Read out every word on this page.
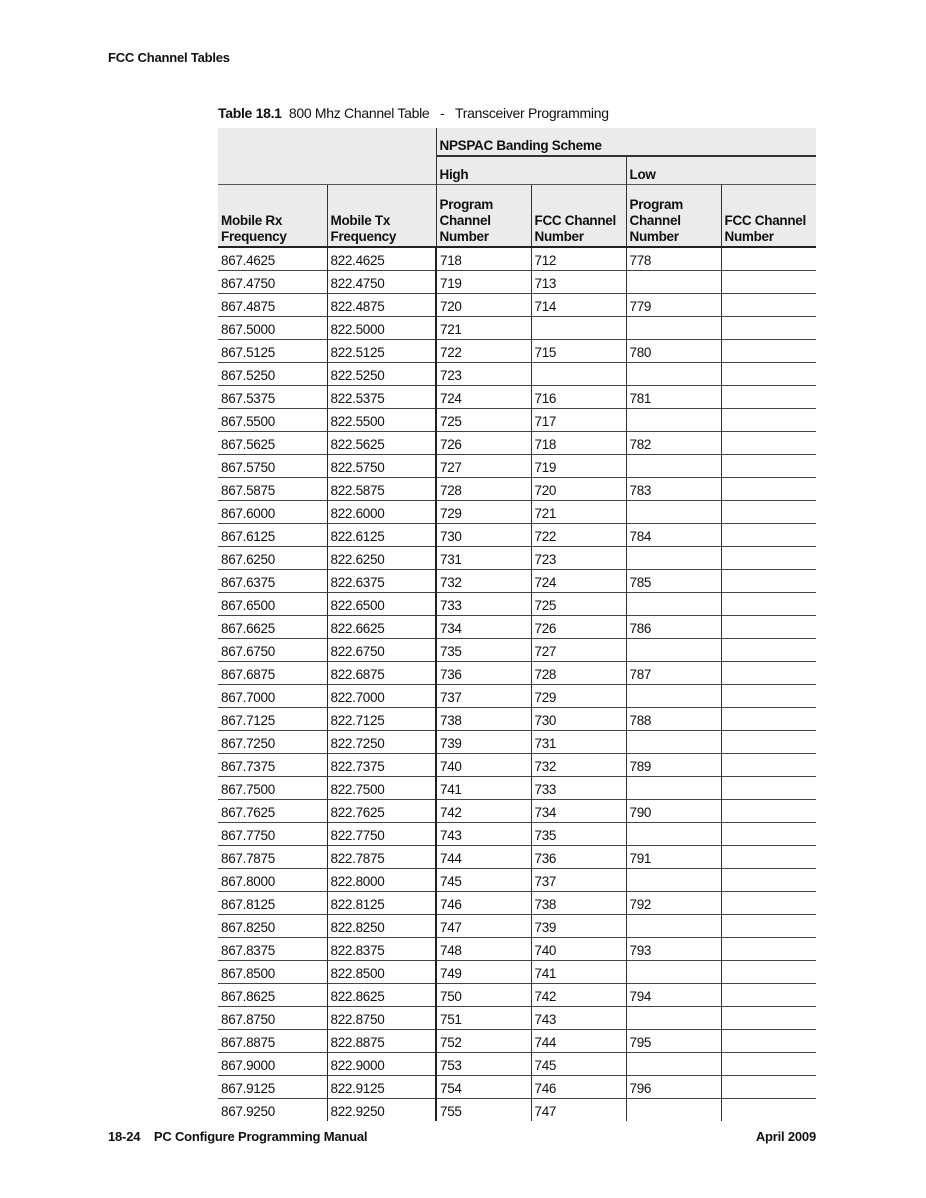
FCC Channel Tables
Table 18.1 800 Mhz Channel Table   -   Transceiver Programming
		NPSPAC Banding Scheme			
		High		Low	
Mobile Rx Frequency	Mobile Tx Frequency	Program Channel Number	FCC Channel Number	Program Channel Number	FCC Channel Number
867.4625	822.4625	718	712	778	
867.4750	822.4750	719	713		
867.4875	822.4875	720	714	779	
867.5000	822.5000	721			
867.5125	822.5125	722	715	780	
867.5250	822.5250	723			
867.5375	822.5375	724	716	781	
867.5500	822.5500	725	717		
867.5625	822.5625	726	718	782	
867.5750	822.5750	727	719		
867.5875	822.5875	728	720	783	
867.6000	822.6000	729	721		
867.6125	822.6125	730	722	784	
867.6250	822.6250	731	723		
867.6375	822.6375	732	724	785	
867.6500	822.6500	733	725		
867.6625	822.6625	734	726	786	
867.6750	822.6750	735	727		
867.6875	822.6875	736	728	787	
867.7000	822.7000	737	729		
867.7125	822.7125	738	730	788	
867.7250	822.7250	739	731		
867.7375	822.7375	740	732	789	
867.7500	822.7500	741	733		
867.7625	822.7625	742	734	790	
867.7750	822.7750	743	735		
867.7875	822.7875	744	736	791	
867.8000	822.8000	745	737		
867.8125	822.8125	746	738	792	
867.8250	822.8250	747	739		
867.8375	822.8375	748	740	793	
867.8500	822.8500	749	741		
867.8625	822.8625	750	742	794	
867.8750	822.8750	751	743		
867.8875	822.8875	752	744	795	
867.9000	822.9000	753	745		
867.9125	822.9125	754	746	796	
867.9250	822.9250	755	747		
18-24 PC Configure Programming Manual	April 2009
